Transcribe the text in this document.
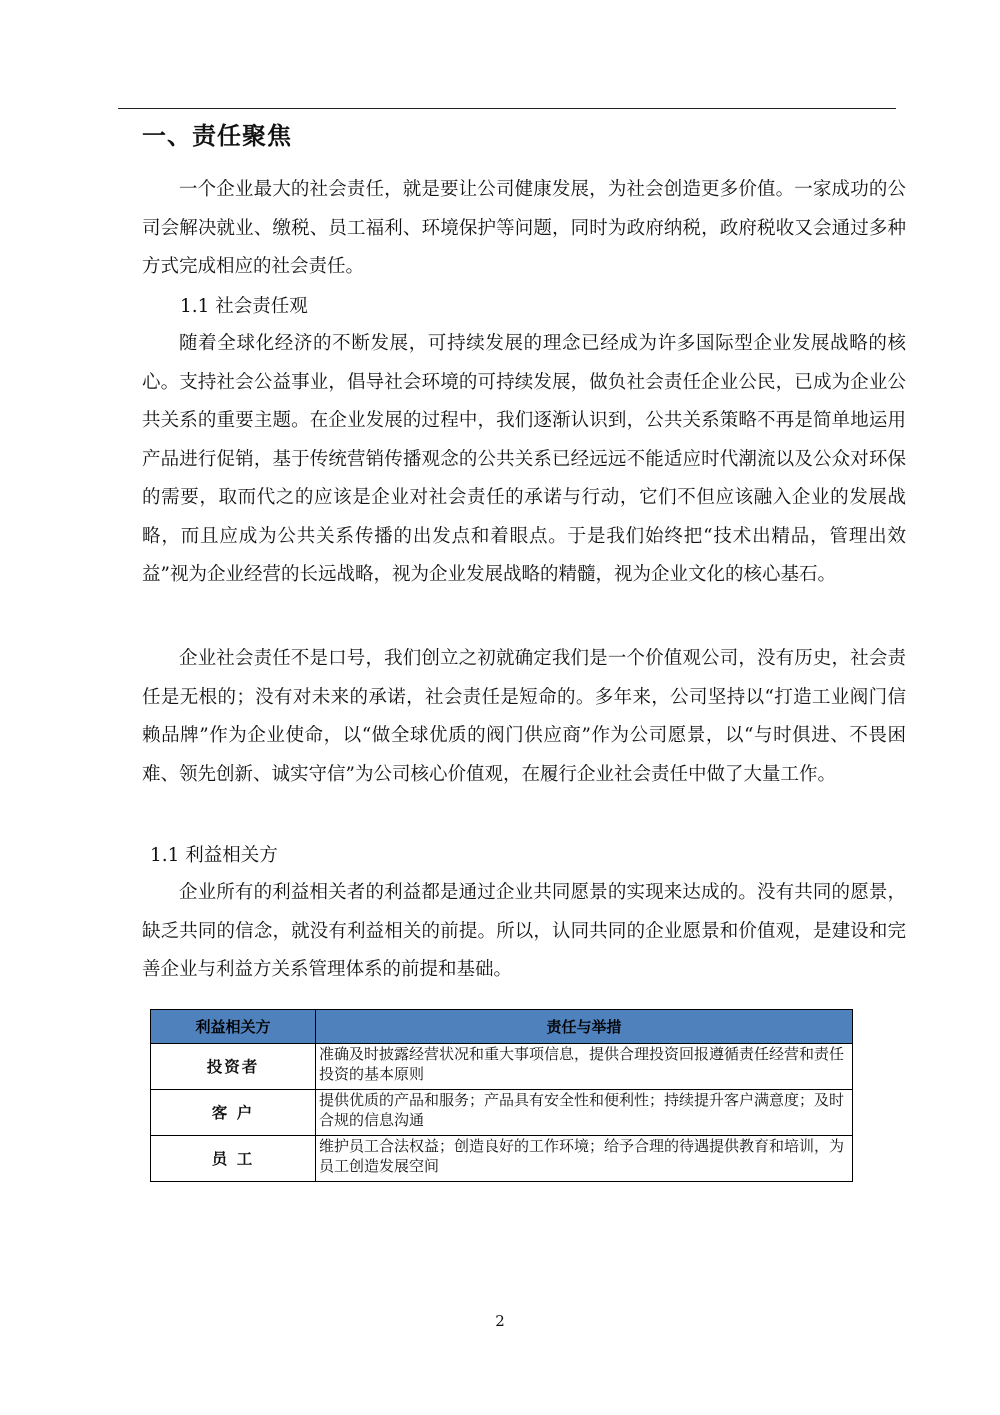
一、责任聚焦

一个企业最大的社会责任，就是要让公司健康发展，为社会创造更多价值。一家成功的公司会解决就业、缴税、员工福利、环境保护等问题，同时为政府纳税，政府税收又会通过多种方式完成相应的社会责任。

1.1 社会责任观

随着全球化经济的不断发展，可持续发展的理念已经成为许多国际型企业发展战略的核心。支持社会公益事业，倡导社会环境的可持续发展，做负社会责任企业公民，已成为企业公共关系的重要主题。在企业发展的过程中，我们逐渐认识到，公共关系策略不再是简单地运用产品进行促销，基于传统营销传播观念的公共关系已经远远不能适应时代潮流以及公众对环保的需要，取而代之的应该是企业对社会责任的承诺与行动，它们不但应该融入企业的发展战略，而且应成为公共关系传播的出发点和着眼点。于是我们始终把“技术出精品，管理出效益”视为企业经营的长远战略，视为企业发展战略的精髓，视为企业文化的核心基石。

企业社会责任不是口号，我们创立之初就确定我们是一个价值观公司，没有历史，社会责任是无根的；没有对未来的承诺，社会责任是短命的。多年来，公司坚持以“打造工业阀门信赖品牌”作为企业使命，以“做全球优质的阀门供应商”作为公司愿景，以“与时俱进、不畏困难、领先创新、诚实守信”为公司核心价值观，在履行企业社会责任中做了大量工作。

1.1 利益相关方

企业所有的利益相关者的利益都是通过企业共同愿景的实现来达成的。没有共同的愿景，缺乏共同的信念，就没有利益相关的前提。所以，认同共同的企业愿景和价值观，是建设和完善企业与利益方关系管理体系的前提和基础。

利益相关方	责任与举措
投资者	准确及时披露经营状况和重大事项信息，提供合理投资回报遵循责任经营和责任投资的基本原则
客 户	提供优质的产品和服务；产品具有安全性和便利性；持续提升客户满意度；及时合规的信息沟通
员 工	维护员工合法权益；创造良好的工作环境；给予合理的待遇提供教育和培训，为员工创造发展空间
2
